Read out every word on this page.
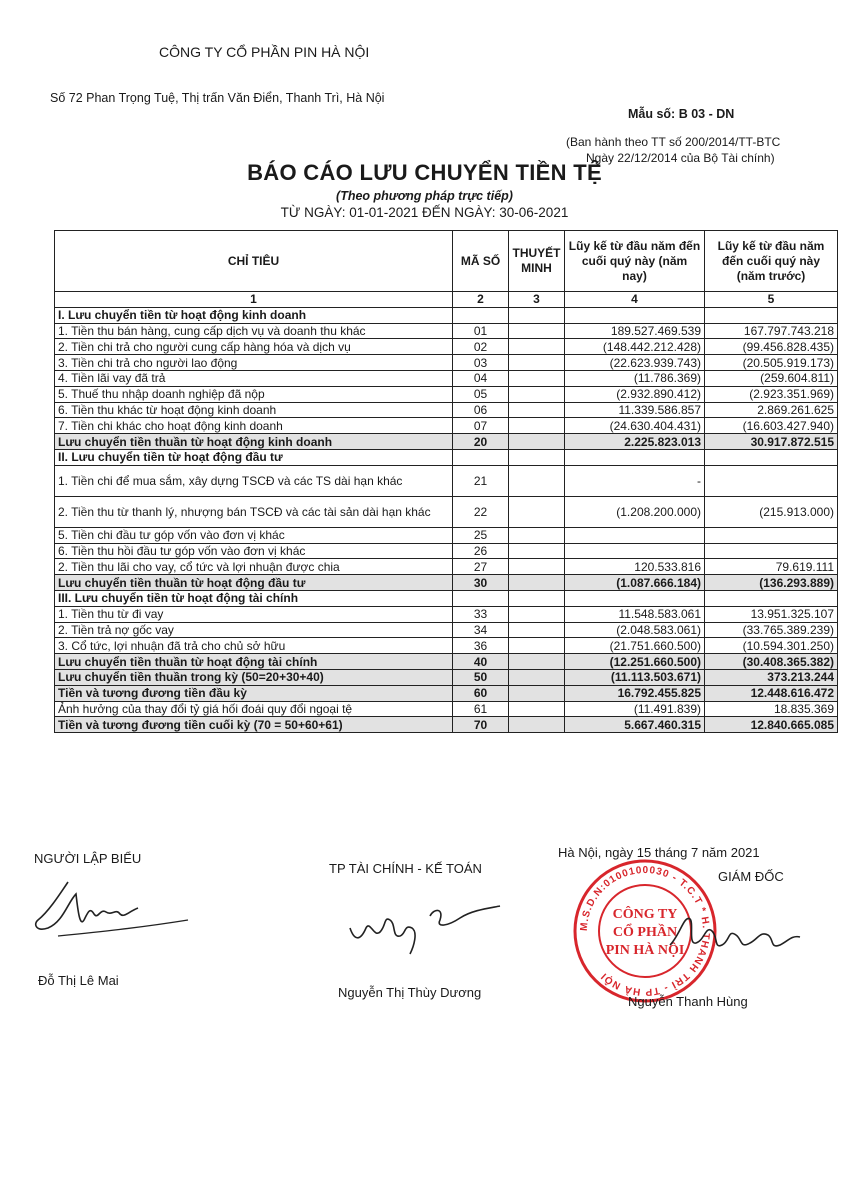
CÔNG TY CỔ PHẦN PIN HÀ NỘI
Số 72 Phan Trọng Tuệ, Thị trấn Văn Điển, Thanh Trì, Hà Nội
Mẫu số: B 03 - DN
(Ban hành theo TT số 200/2014/TT-BTC
Ngày 22/12/2014 của Bộ Tài chính)
BÁO CÁO LƯU CHUYỂN TIỀN TỆ
(Theo phương pháp trực tiếp)
TỪ NGÀY: 01-01-2021 ĐẾN NGÀY: 30-06-2021
CHỈ TIÊU	MÃ SỐ	THUYẾT MINH	Lũy kế từ đầu năm đến cuối quý này (năm nay)	Lũy kế từ đầu năm đến cuối quý này (năm trước)
1	2	3	4	5
I. Lưu chuyển tiền từ hoạt động kinh doanh				
1. Tiền thu bán hàng, cung cấp dịch vụ và doanh thu khác	01		189.527.469.539	167.797.743.218
2. Tiền chi trả cho người cung cấp hàng hóa và dịch vụ	02		(148.442.212.428)	(99.456.828.435)
3. Tiền chi trả cho người lao động	03		(22.623.939.743)	(20.505.919.173)
4. Tiền lãi vay đã trả	04		(11.786.369)	(259.604.811)
5. Thuế thu nhập doanh nghiệp đã nộp	05		(2.932.890.412)	(2.923.351.969)
6. Tiền thu khác từ hoạt động kinh doanh	06		11.339.586.857	2.869.261.625
7. Tiền chi khác cho hoạt động kinh doanh	07		(24.630.404.431)	(16.603.427.940)
Lưu chuyển tiền thuần từ hoạt động kinh doanh	20		2.225.823.013	30.917.872.515
II. Lưu chuyển tiền từ hoạt động đầu tư				
1. Tiền chi để mua sắm, xây dựng TSCĐ và các TS dài hạn khác	21		-	
2. Tiền thu từ thanh lý, nhượng bán TSCĐ và các tài sản dài hạn khác	22		(1.208.200.000)	(215.913.000)
5. Tiền chi đầu tư góp vốn vào đơn vị khác	25			
6. Tiền thu hồi đầu tư góp vốn vào đơn vị khác	26			
2. Tiền thu lãi cho vay, cổ tức và lợi nhuận được chia	27		120.533.816	79.619.111
Lưu chuyển tiền thuần từ hoạt động đầu tư	30		(1.087.666.184)	(136.293.889)
III. Lưu chuyển tiền từ hoạt động tài chính				
1. Tiền thu từ đi vay	33		11.548.583.061	13.951.325.107
2. Tiền trả nợ gốc vay	34		(2.048.583.061)	(33.765.389.239)
3. Cổ tức, lợi nhuận đã trả cho chủ sở hữu	36		(21.751.660.500)	(10.594.301.250)
Lưu chuyển tiền thuần từ hoạt động tài chính	40		(12.251.660.500)	(30.408.365.382)
Lưu chuyển tiền thuần trong kỳ (50=20+30+40)	50		(11.113.503.671)	373.213.244
Tiền và tương đương tiền đầu kỳ	60		16.792.455.825	12.448.616.472
Ảnh hưởng của thay đổi tỷ giá hối đoái quy đổi ngoại tệ	61		(11.491.839)	18.835.369
Tiền và tương đương tiền cuối kỳ (70 = 50+60+61)	70		5.667.460.315	12.840.665.085
Hà Nội, ngày 15 tháng 7 năm 2021
NGƯỜI LẬP BIỂU
TP TÀI CHÍNH - KẾ TOÁN
GIÁM ĐỐC
M.S.D.N:0100100030 - T.C.T * H. THANH TRÌ - TP HÀ NỘI
CÔNG TY
CỔ PHẦN
PIN HÀ NỘI
Đỗ Thị Lê Mai
Nguyễn Thị Thùy Dương
Nguyễn Thanh Hùng
